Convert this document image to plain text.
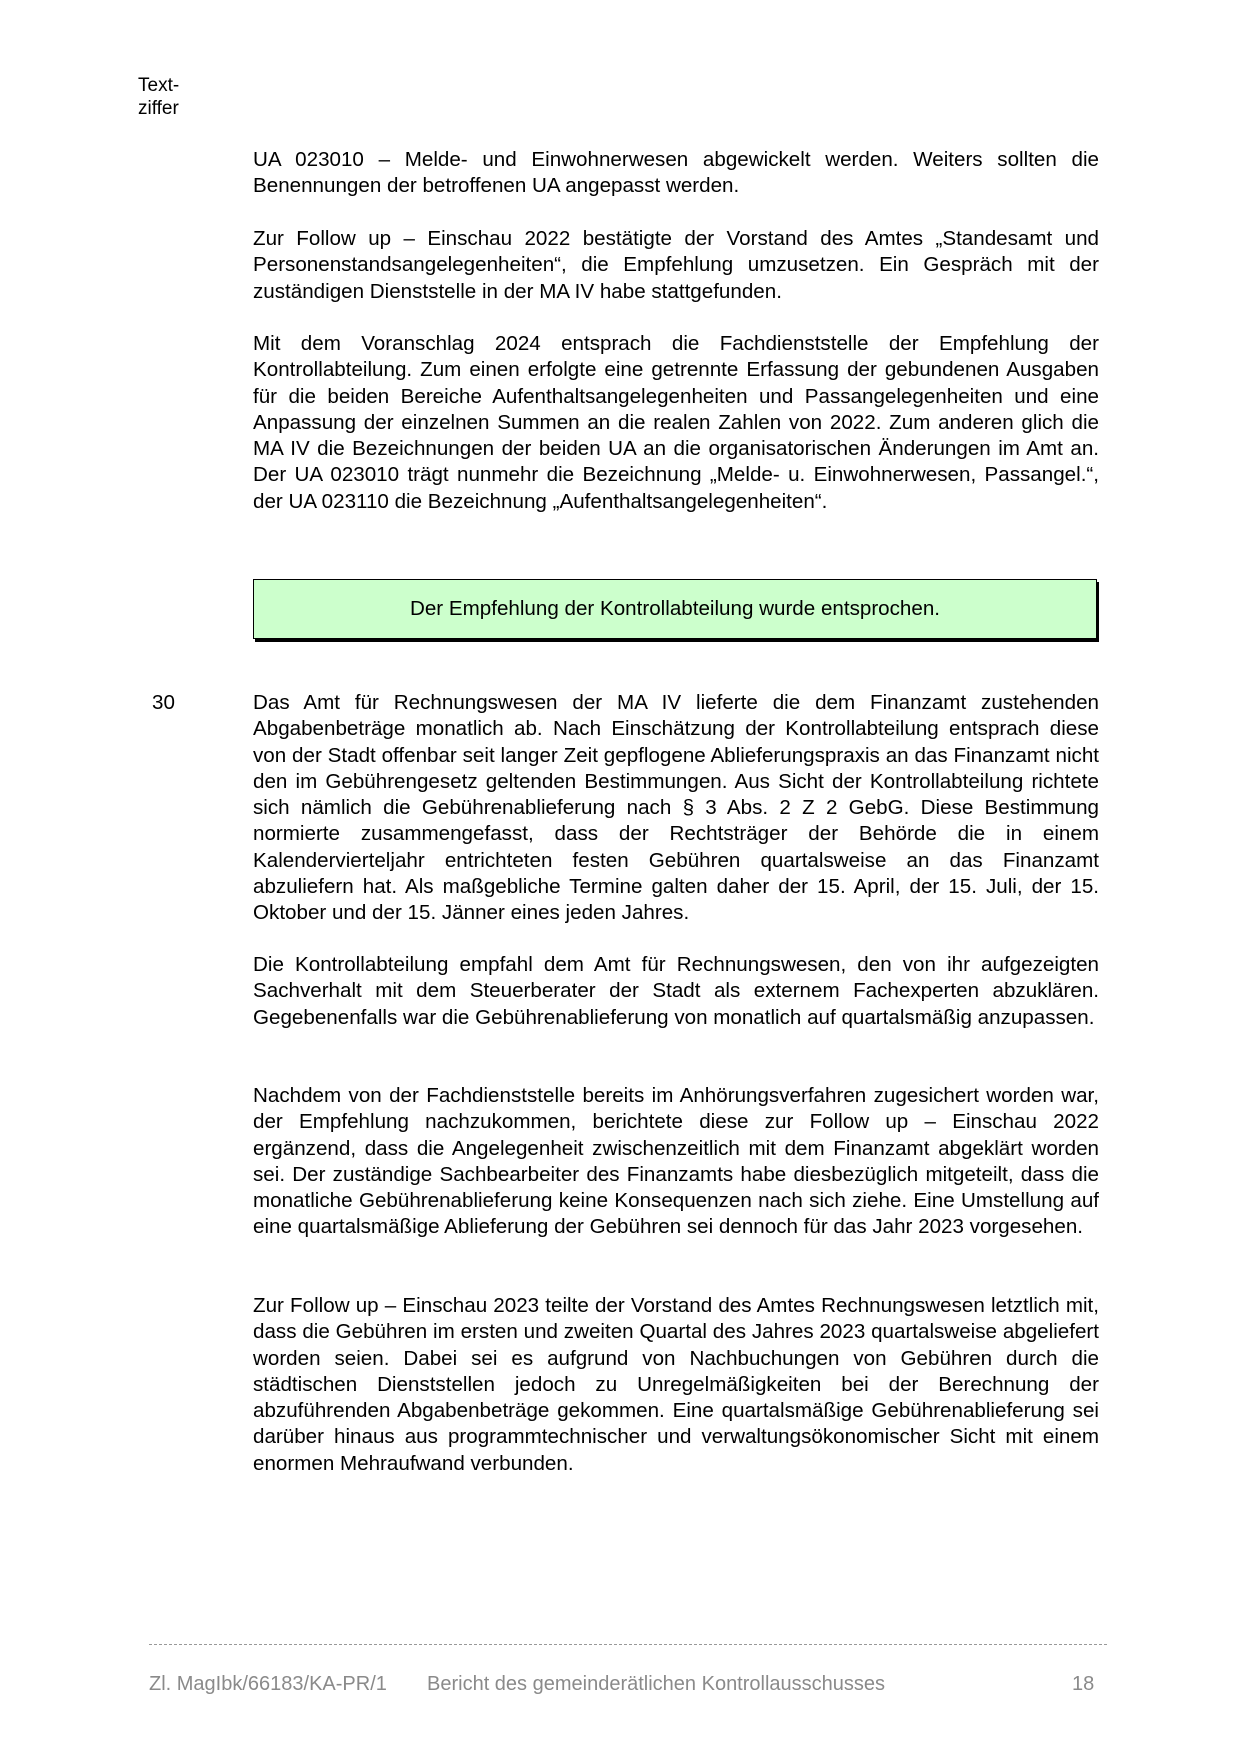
Text-
ziffer

UA 023010 – Melde- und Einwohnerwesen abgewickelt werden. Weiters sollten die Benennungen der betroffenen UA angepasst werden.

Zur Follow up – Einschau 2022 bestätigte der Vorstand des Amtes „Standesamt und Personenstandsangelegenheiten“, die Empfehlung umzusetzen. Ein Gespräch mit der zuständigen Dienststelle in der MA IV habe stattgefunden.

Mit dem Voranschlag 2024 entsprach die Fachdienststelle der Empfehlung der Kontrollabteilung. Zum einen erfolgte eine getrennte Erfassung der gebundenen Ausgaben für die beiden Bereiche Aufenthaltsangelegenheiten und Passangelegenheiten und eine Anpassung der einzelnen Summen an die realen Zahlen von 2022. Zum anderen glich die MA IV die Bezeichnungen der beiden UA an die organisatorischen Änderungen im Amt an. Der UA 023010 trägt nunmehr die Bezeichnung „Melde- u. Einwohnerwesen, Passangel.“, der UA 023110 die Bezeichnung „Aufenthaltsangelegenheiten“.

Der Empfehlung der Kontrollabteilung wurde entsprochen.
30	Das Amt für Rechnungswesen der MA IV lieferte die dem Finanzamt zustehenden Abgabenbeträge monatlich ab. Nach Einschätzung der Kontrollabteilung entsprach diese von der Stadt offenbar seit langer Zeit gepflogene Ablieferungspraxis an das Finanzamt nicht den im Gebührengesetz geltenden Bestimmungen. Aus Sicht der Kontrollabteilung richtete sich nämlich die Gebührenablieferung nach § 3 Abs. 2 Z 2 GebG. Diese Bestimmung normierte zusammengefasst, dass der Rechtsträger der Behörde die in einem Kalendervierteljahr entrichteten festen Gebühren quartalsweise an das Finanzamt abzuliefern hat. Als maßgebliche Termine galten daher der 15. April, der 15. Juli, der 15. Oktober und der 15. Jänner eines jeden Jahres.

Die Kontrollabteilung empfahl dem Amt für Rechnungswesen, den von ihr aufgezeigten Sachverhalt mit dem Steuerberater der Stadt als externem Fachexperten abzuklären. Gegebenenfalls war die Gebührenablieferung von monatlich auf quartalsmäßig anzupassen.

Nachdem von der Fachdienststelle bereits im Anhörungsverfahren zugesichert worden war, der Empfehlung nachzukommen, berichtete diese zur Follow up – Einschau 2022 ergänzend, dass die Angelegenheit zwischenzeitlich mit dem Finanzamt abgeklärt worden sei. Der zuständige Sachbearbeiter des Finanzamts habe diesbezüglich mitgeteilt, dass die monatliche Gebührenablieferung keine Konsequenzen nach sich ziehe. Eine Umstellung auf eine quartalsmäßige Ablieferung der Gebühren sei dennoch für das Jahr 2023 vorgesehen.

Zur Follow up – Einschau 2023 teilte der Vorstand des Amtes Rechnungswesen letztlich mit, dass die Gebühren im ersten und zweiten Quartal des Jahres 2023 quartalsweise abgeliefert worden seien. Dabei sei es aufgrund von Nachbuchungen von Gebühren durch die städtischen Dienststellen jedoch zu Unregelmäßigkeiten bei der Berechnung der abzuführenden Abgabenbeträge gekommen. Eine quartalsmäßige Gebührenablieferung sei darüber hinaus aus programmtechnischer und verwaltungsökonomischer Sicht mit einem enormen Mehraufwand verbunden.

Zl. MagIbk/66183/KA-PR/1 Bericht des gemeinderätlichen Kontrollausschusses	18
